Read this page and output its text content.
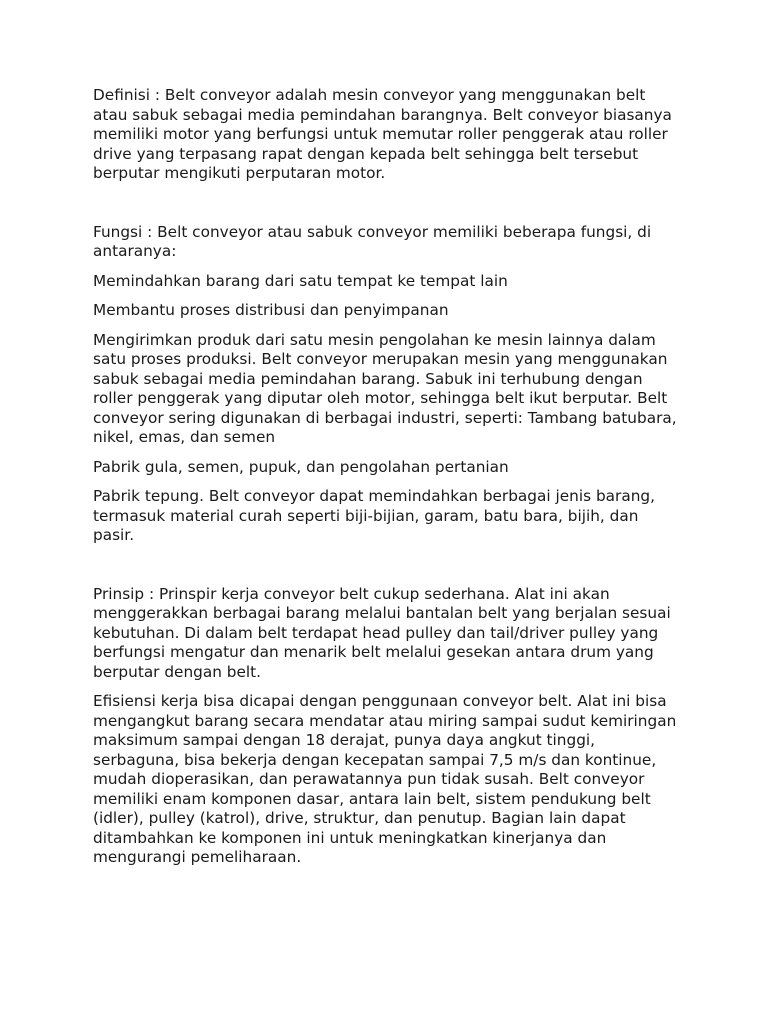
Definisi : Belt conveyor adalah mesin conveyor yang menggunakan belt atau sabuk sebagai media pemindahan barangnya. Belt conveyor biasanya memiliki motor yang berfungsi untuk memutar roller penggerak atau roller drive yang terpasang rapat dengan kepada belt sehingga belt tersebut berputar mengikuti perputaran motor.

Fungsi : Belt conveyor atau sabuk conveyor memiliki beberapa fungsi, di antaranya:

Memindahkan barang dari satu tempat ke tempat lain

Membantu proses distribusi dan penyimpanan

Mengirimkan produk dari satu mesin pengolahan ke mesin lainnya dalam satu proses produksi. Belt conveyor merupakan mesin yang menggunakan sabuk sebagai media pemindahan barang. Sabuk ini terhubung dengan roller penggerak yang diputar oleh motor, sehingga belt ikut berputar. Belt conveyor sering digunakan di berbagai industri, seperti: Tambang batubara, nikel, emas, dan semen

Pabrik gula, semen, pupuk, dan pengolahan pertanian

Pabrik tepung. Belt conveyor dapat memindahkan berbagai jenis barang, termasuk material curah seperti biji-bijian, garam, batu bara, bijih, dan pasir.

Prinsip : Prinspir kerja conveyor belt cukup sederhana. Alat ini akan menggerakkan berbagai barang melalui bantalan belt yang berjalan sesuai kebutuhan. Di dalam belt terdapat head pulley dan tail/driver pulley yang berfungsi mengatur dan menarik belt melalui gesekan antara drum yang berputar dengan belt.

Efisiensi kerja bisa dicapai dengan penggunaan conveyor belt. Alat ini bisa mengangkut barang secara mendatar atau miring sampai sudut kemiringan maksimum sampai dengan 18 derajat, punya daya angkut tinggi, serbaguna, bisa bekerja dengan kecepatan sampai 7,5 m/s dan kontinue, mudah dioperasikan, dan perawatannya pun tidak susah. Belt conveyor memiliki enam komponen dasar, antara lain belt, sistem pendukung belt (idler), pulley (katrol), drive, struktur, dan penutup. Bagian lain dapat ditambahkan ke komponen ini untuk meningkatkan kinerjanya dan mengurangi pemeliharaan.
